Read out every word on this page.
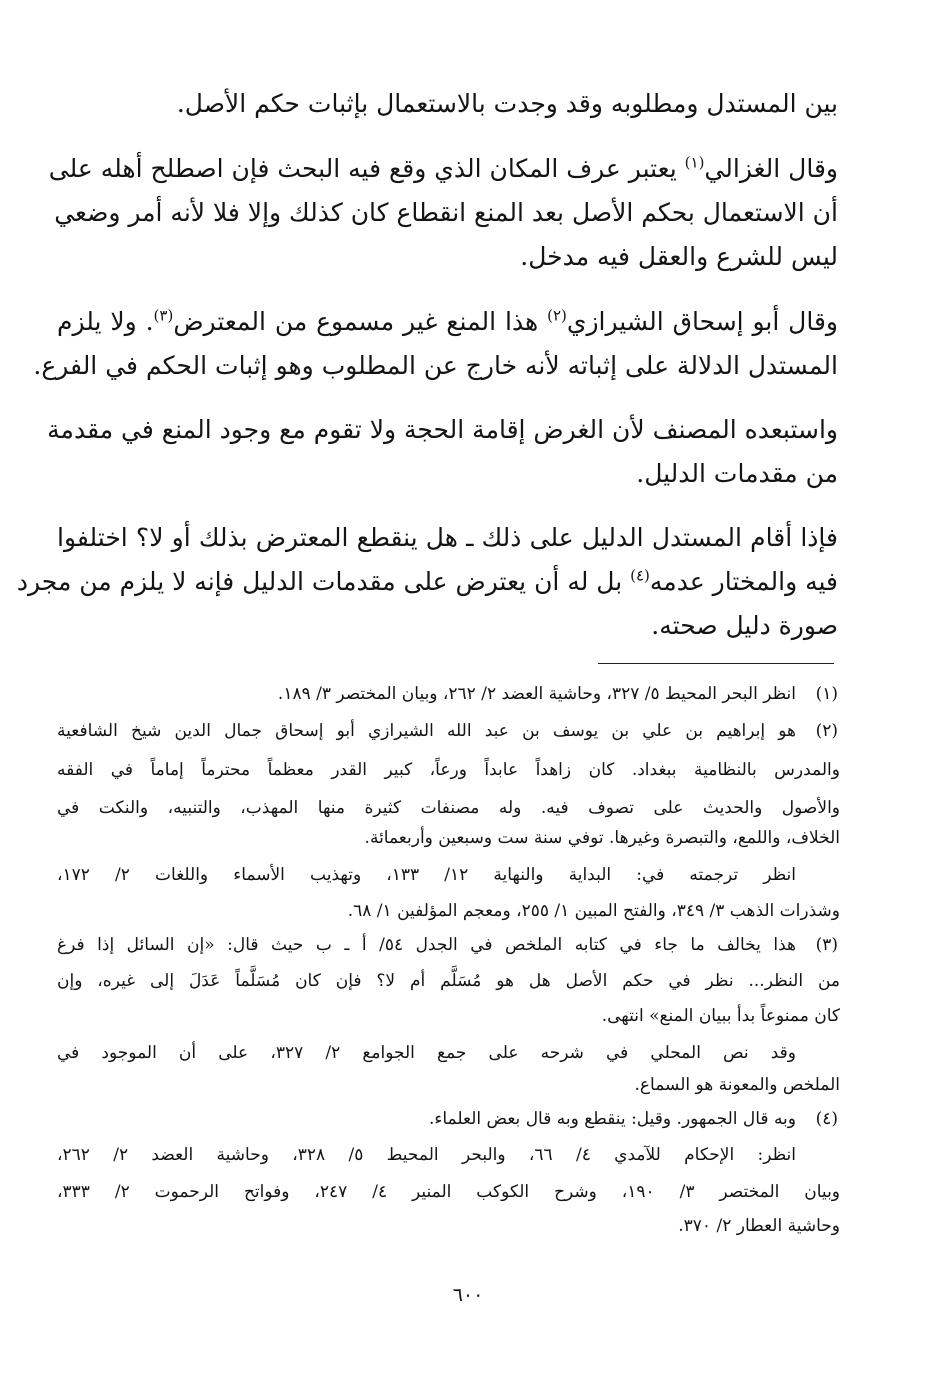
بين المستدل ومطلوبه وقد وجدت بالاستعمال بإثبات حكم الأصل.

وقال الغزالي$^{(١)}$ يعتبر عرف المكان الذي وقع فيه البحث فإن اصطلح أهله على

أن الاستعمال بحكم الأصل بعد المنع انقطاع كان كذلك وإلا فلا لأنه أمر وضعي

ليس للشرع والعقل فيه مدخل.

وقال أبو إسحاق الشيرازي$^{(٢)}$ هذا المنع غير مسموع من المعترض$^{(٣)}$. ولا يلزم

المستدل الدلالة على إثباته لأنه خارج عن المطلوب وهو إثبات الحكم في الفرع.

واستبعده المصنف لأن الغرض إقامة الحجة ولا تقوم مع وجود المنع في مقدمة

من مقدمات الدليل.

فإذا أقام المستدل الدليل على ذلك ـ هل ينقطع المعترض بذلك أو لا؟ اختلفوا

فيه والمختار عدمه$^{(٤)}$ بل له أن يعترض على مقدمات الدليل فإنه لا يلزم من مجرد

صورة دليل صحته.

(١)

انظر البحر المحيط ٥/ ٣٢٧، وحاشية العضد ٢/ ٢٦٢، وبيان المختصر ٣/ ١٨٩.

(٢)

هو إبراهيم بن علي بن يوسف بن عبد الله الشيرازي أبو إسحاق جمال الدين شيخ الشافعية

والمدرس بالنظامية ببغداد. كان زاهداً عابداً ورعاً، كبير القدر معظماً محترماً إماماً في الفقه

والأصول والحديث على تصوف فيه. وله مصنفات كثيرة منها المهذب، والتنبيه، والنكت في

الخلاف، واللمع، والتبصرة وغيرها. توفي سنة ست وسبعين وأربعمائة.

انظر ترجمته في: البداية والنهاية ١٢/ ١٣٣، وتهذيب الأسماء واللغات ٢/ ١٧٢،

وشذرات الذهب ٣/ ٣٤٩، والفتح المبين ١/ ٢٥٥، ومعجم المؤلفين ١/ ٦٨.

(٣)

هذا يخالف ما جاء في كتابه الملخص في الجدل ٥٤/ أ ـ ب حيث قال: «إن السائل إذا فرغ

من النظر... نظر في حكم الأصل هل هو مُسَلَّم أم لا؟ فإن كان مُسَلَّماً عَدَلَ إلى غيره، وإن

كان ممنوعاً بدأ ببيان المنع» انتهى.

وقد نص المحلي في شرحه على جمع الجوامع ٢/ ٣٢٧، على أن الموجود في

الملخص والمعونة هو السماع.

(٤)

وبه قال الجمهور. وقيل: ينقطع وبه قال بعض العلماء.

انظر: الإحكام للآمدي ٤/ ٦٦، والبحر المحيط ٥/ ٣٢٨، وحاشية العضد ٢/ ٢٦٢،

وبيان المختصر ٣/ ١٩٠، وشرح الكوكب المنير ٤/ ٢٤٧، وفواتح الرحموت ٢/ ٣٣٣،

وحاشية العطار ٢/ ٣٧٠.

٦٠٠
